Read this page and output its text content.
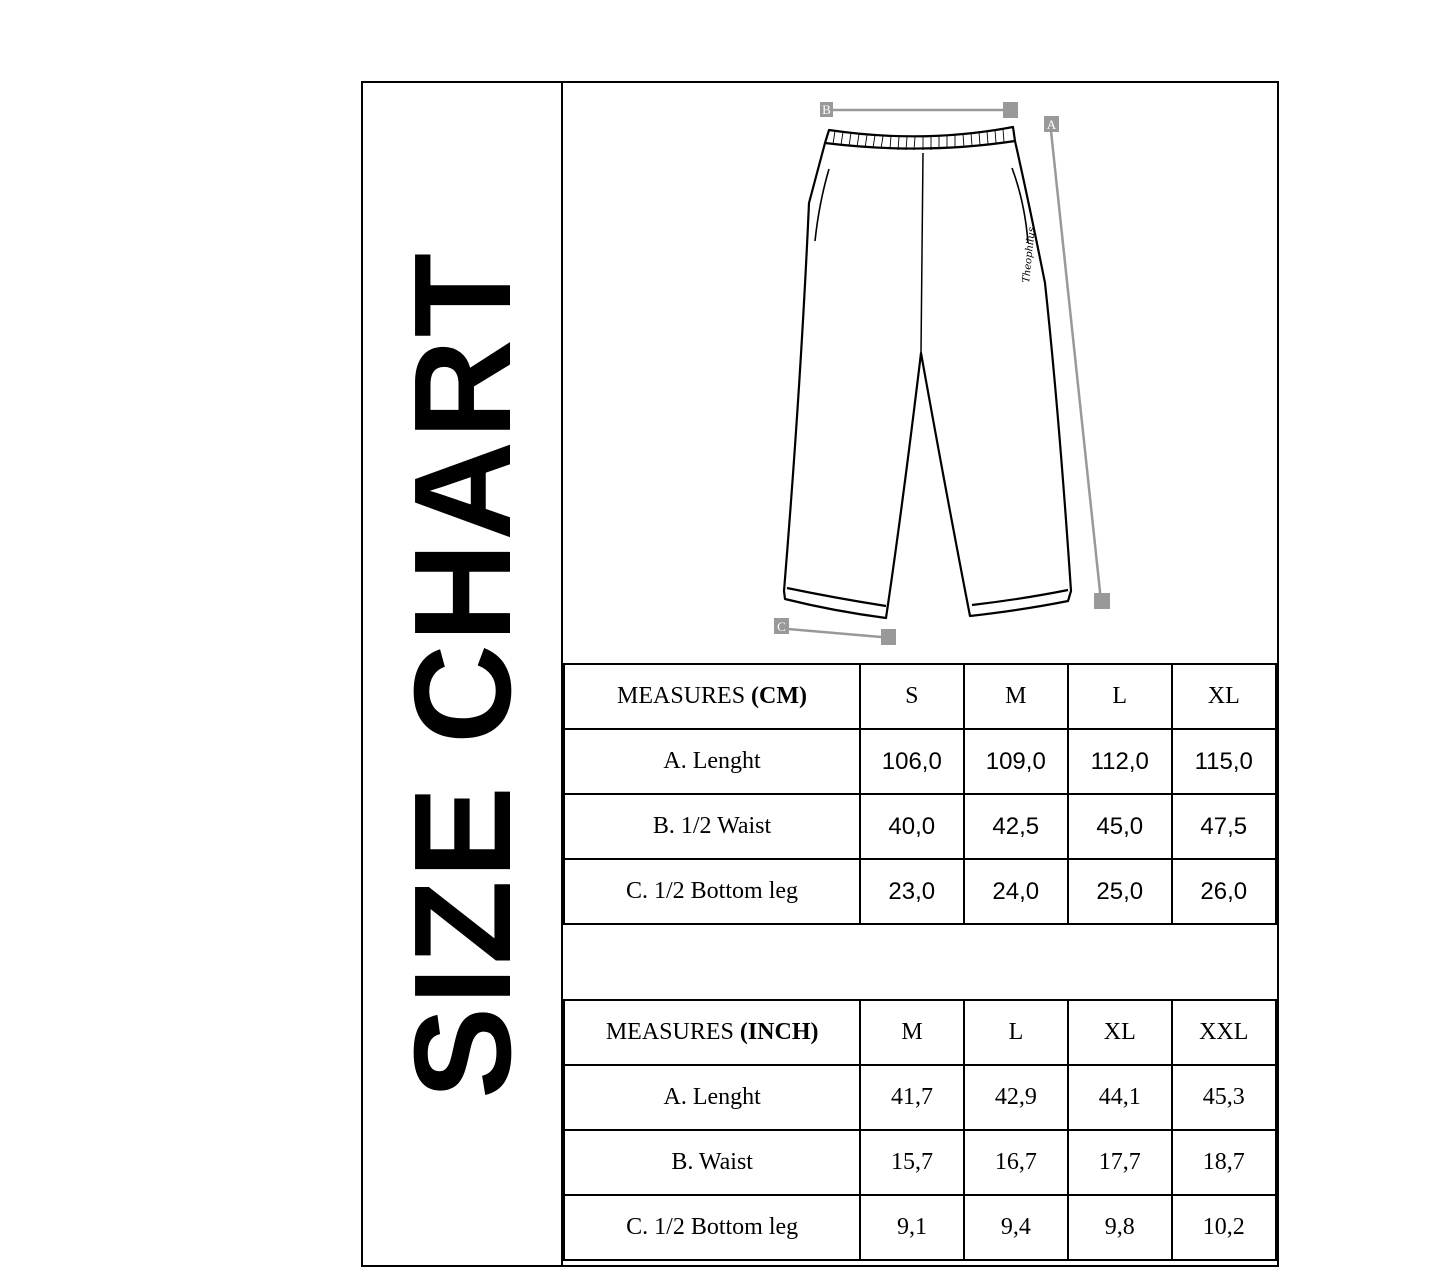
SIZE CHART
B
A
C
Theophilus
MEASURES (CM)	S	M	L	XL
A. Lenght	106,0	109,0	112,0	115,0
B. 1/2 Waist	40,0	42,5	45,0	47,5
C. 1/2 Bottom leg	23,0	24,0	25,0	26,0
MEASURES (INCH)	M	L	XL	XXL
A. Lenght	41,7	42,9	44,1	45,3
B. Waist	15,7	16,7	17,7	18,7
C. 1/2 Bottom leg	9,1	9,4	9,8	10,2
